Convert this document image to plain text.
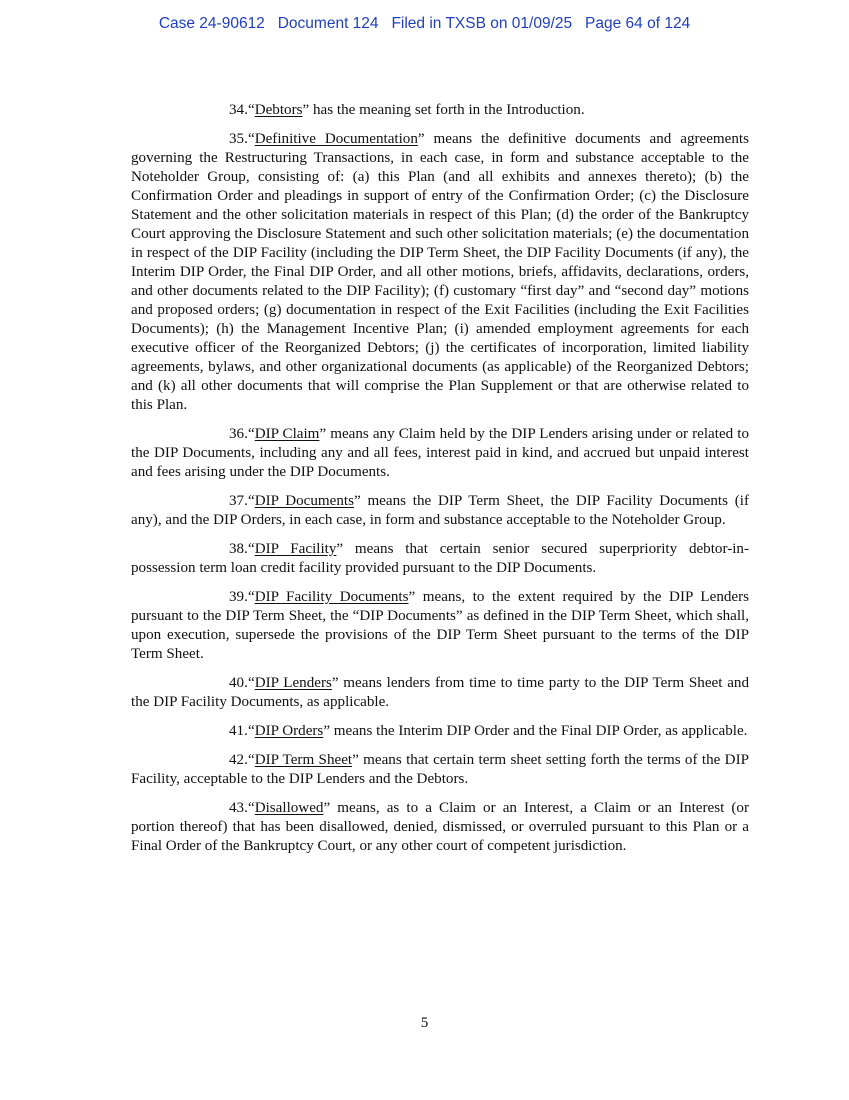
Case 24-90612   Document 124   Filed in TXSB on 01/09/25   Page 64 of 124

34.“Debtors” has the meaning set forth in the Introduction.

35.“Definitive Documentation” means the definitive documents and agreements governing the Restructuring Transactions, in each case, in form and substance acceptable to the Noteholder Group, consisting of: (a) this Plan (and all exhibits and annexes thereto); (b) the Confirmation Order and pleadings in support of entry of the Confirmation Order; (c) the Disclosure Statement and the other solicitation materials in respect of this Plan; (d) the order of the Bankruptcy Court approving the Disclosure Statement and such other solicitation materials; (e) the documentation in respect of the DIP Facility (including the DIP Term Sheet, the DIP Facility Documents (if any), the Interim DIP Order, the Final DIP Order, and all other motions, briefs, affidavits, declarations, orders, and other documents related to the DIP Facility); (f) customary “first day” and “second day” motions and proposed orders; (g) documentation in respect of the Exit Facilities (including the Exit Facilities Documents); (h) the Management Incentive Plan; (i) amended employment agreements for each executive officer of the Reorganized Debtors; (j) the certificates of incorporation, limited liability agreements, bylaws, and other organizational documents (as applicable) of the Reorganized Debtors; and (k) all other documents that will comprise the Plan Supplement or that are otherwise related to this Plan.

36.“DIP Claim” means any Claim held by the DIP Lenders arising under or related to the DIP Documents, including any and all fees, interest paid in kind, and accrued but unpaid interest and fees arising under the DIP Documents.

37.“DIP Documents” means the DIP Term Sheet, the DIP Facility Documents (if any), and the DIP Orders, in each case, in form and substance acceptable to the Noteholder Group.

38.“DIP Facility” means that certain senior secured superpriority debtor-in-possession term loan credit facility provided pursuant to the DIP Documents.

39.“DIP Facility Documents” means, to the extent required by the DIP Lenders pursuant to the DIP Term Sheet, the “DIP Documents” as defined in the DIP Term Sheet, which shall, upon execution, supersede the provisions of the DIP Term Sheet pursuant to the terms of the DIP Term Sheet.

40.“DIP Lenders” means lenders from time to time party to the DIP Term Sheet and the DIP Facility Documents, as applicable.

41.“DIP Orders” means the Interim DIP Order and the Final DIP Order, as applicable.

42.“DIP Term Sheet” means that certain term sheet setting forth the terms of the DIP Facility, acceptable to the DIP Lenders and the Debtors.

43.“Disallowed” means, as to a Claim or an Interest, a Claim or an Interest (or portion thereof) that has been disallowed, denied, dismissed, or overruled pursuant to this Plan or a Final Order of the Bankruptcy Court, or any other court of competent jurisdiction.

5
